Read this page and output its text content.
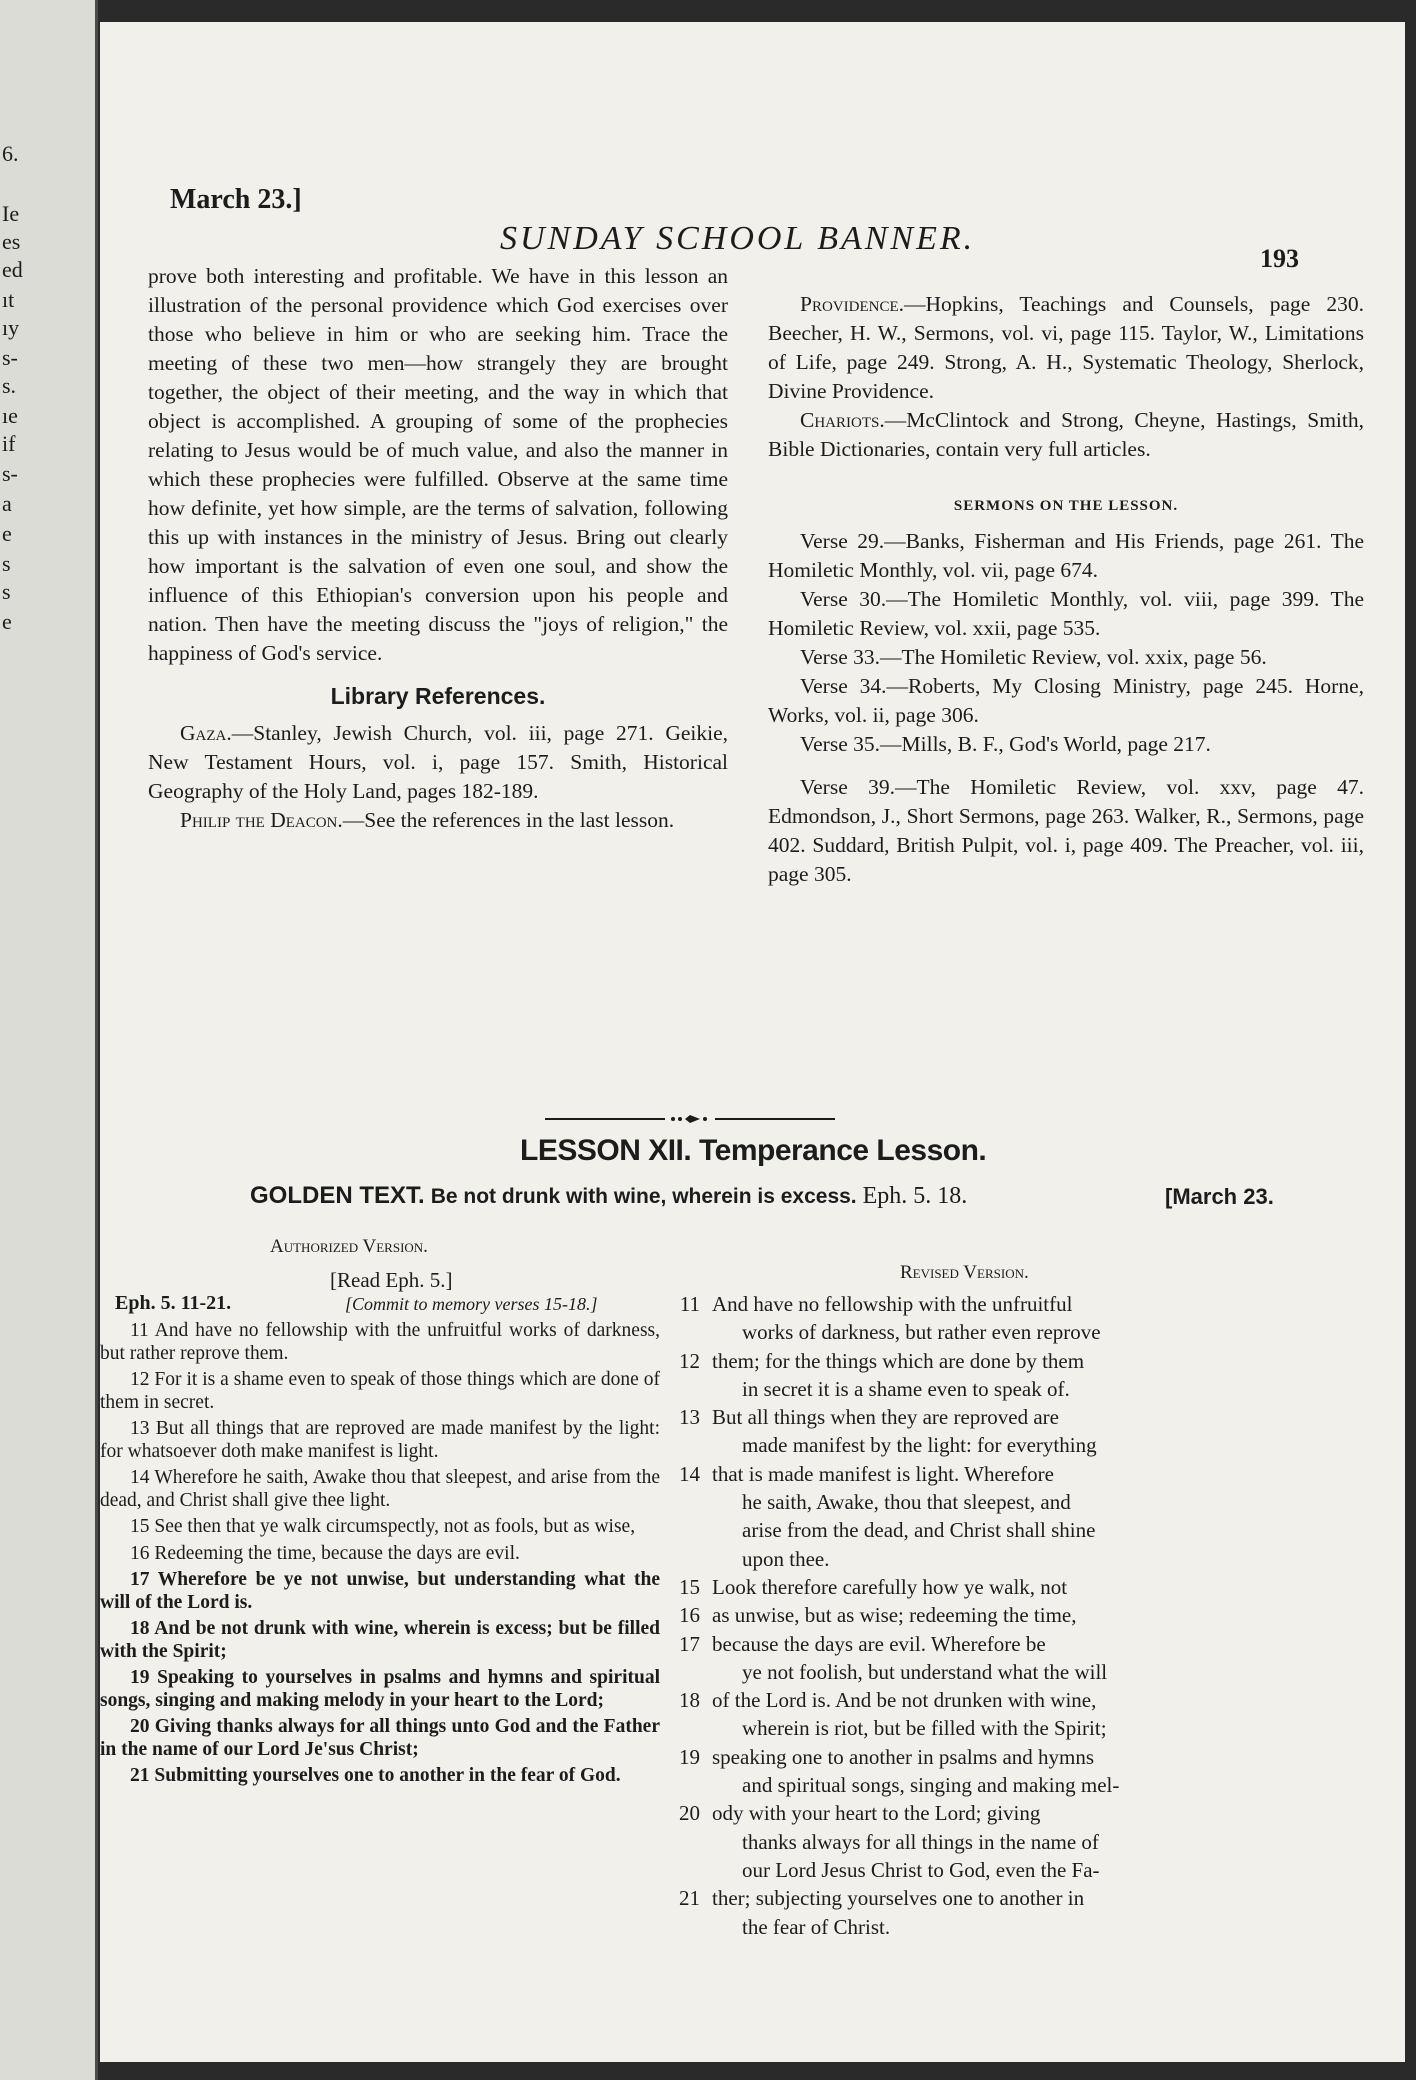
6.
Ie
es
ed
ıt
ıy
s-
s.
ıe
if
s-
a
e
s
s
e
March 23.]
SUNDAY SCHOOL BANNER.
193

prove both interesting and profitable. We have in this lesson an illustration of the personal providence which God exercises over those who believe in him or who are seeking him. Trace the meeting of these two men—how strangely they are brought together, the object of their meeting, and the way in which that object is accomplished. A grouping of some of the prophecies relating to Jesus would be of much value, and also the manner in which these prophecies were fulfilled. Observe at the same time how definite, yet how simple, are the terms of salvation, following this up with instances in the ministry of Jesus. Bring out clearly how important is the salvation of even one soul, and show the influence of this Ethiopian's conversion upon his people and nation. Then have the meeting discuss the "joys of religion," the happiness of God's service.

Library References.

Gaza.—Stanley, Jewish Church, vol. iii, page 271. Geikie, New Testament Hours, vol. i, page 157. Smith, Historical Geography of the Holy Land, pages 182-189.

Philip the Deacon.—See the references in the last lesson.

Providence.—Hopkins, Teachings and Counsels, page 230. Beecher, H. W., Sermons, vol. vi, page 115. Taylor, W., Limitations of Life, page 249. Strong, A. H., Systematic Theology, Sherlock, Divine Providence.

Chariots.—McClintock and Strong, Cheyne, Hastings, Smith, Bible Dictionaries, contain very full articles.

SERMONS ON THE LESSON.

Verse 29.—Banks, Fisherman and His Friends, page 261. The Homiletic Monthly, vol. vii, page 674.

Verse 30.—The Homiletic Monthly, vol. viii, page 399. The Homiletic Review, vol. xxii, page 535.

Verse 33.—The Homiletic Review, vol. xxix, page 56.

Verse 34.—Roberts, My Closing Ministry, page 245. Horne, Works, vol. ii, page 306.

Verse 35.—Mills, B. F., God's World, page 217.

Verse 39.—The Homiletic Review, vol. xxv, page 47. Edmondson, J., Short Sermons, page 263. Walker, R., Sermons, page 402. Suddard, British Pulpit, vol. i, page 409. The Preacher, vol. iii, page 305.

LESSON XII. Temperance Lesson.
[March 23.
GOLDEN TEXT. Be not drunk with wine, wherein is excess. Eph. 5. 18.
Authorized Version.
[Read Eph. 5.]	Revised Version.
Eph. 5. 11-21.	[Commit to memory verses 15-18.]

11 And have no fellowship with the unfruitful works of darkness, but rather reprove them.

12 For it is a shame even to speak of those things which are done of them in secret.

13 But all things that are reproved are made manifest by the light: for whatsoever doth make manifest is light.

14 Wherefore he saith, Awake thou that sleepest, and arise from the dead, and Christ shall give thee light.

15 See then that ye walk circumspectly, not as fools, but as wise,

16 Redeeming the time, because the days are evil.

17 Wherefore be ye not unwise, but understanding what the will of the Lord is.

18 And be not drunk with wine, wherein is excess; but be filled with the Spirit;

19 Speaking to yourselves in psalms and hymns and spiritual songs, singing and making melody in your heart to the Lord;

20 Giving thanks always for all things unto God and the Father in the name of our Lord Je'sus Christ;

21 Submitting yourselves one to another in the fear of God.

11 And have no fellowship with the unfruitful
works of darkness, but rather even reprove
12 them; for the things which are done by them
in secret it is a shame even to speak of.
13 But all things when they are reproved are
made manifest by the light: for everything
14 that is made manifest is light. Wherefore
he saith, Awake, thou that sleepest, and
arise from the dead, and Christ shall shine
upon thee.
15 Look therefore carefully how ye walk, not
16 as unwise, but as wise; redeeming the time,
17 because the days are evil. Wherefore be
ye not foolish, but understand what the will
18 of the Lord is. And be not drunken with wine,
wherein is riot, but be filled with the Spirit;
19 speaking one to another in psalms and hymns
and spiritual songs, singing and making mel-
20 ody with your heart to the Lord; giving
thanks always for all things in the name of
our Lord Jesus Christ to God, even the Fa-
21 ther; subjecting yourselves one to another in
the fear of Christ.
